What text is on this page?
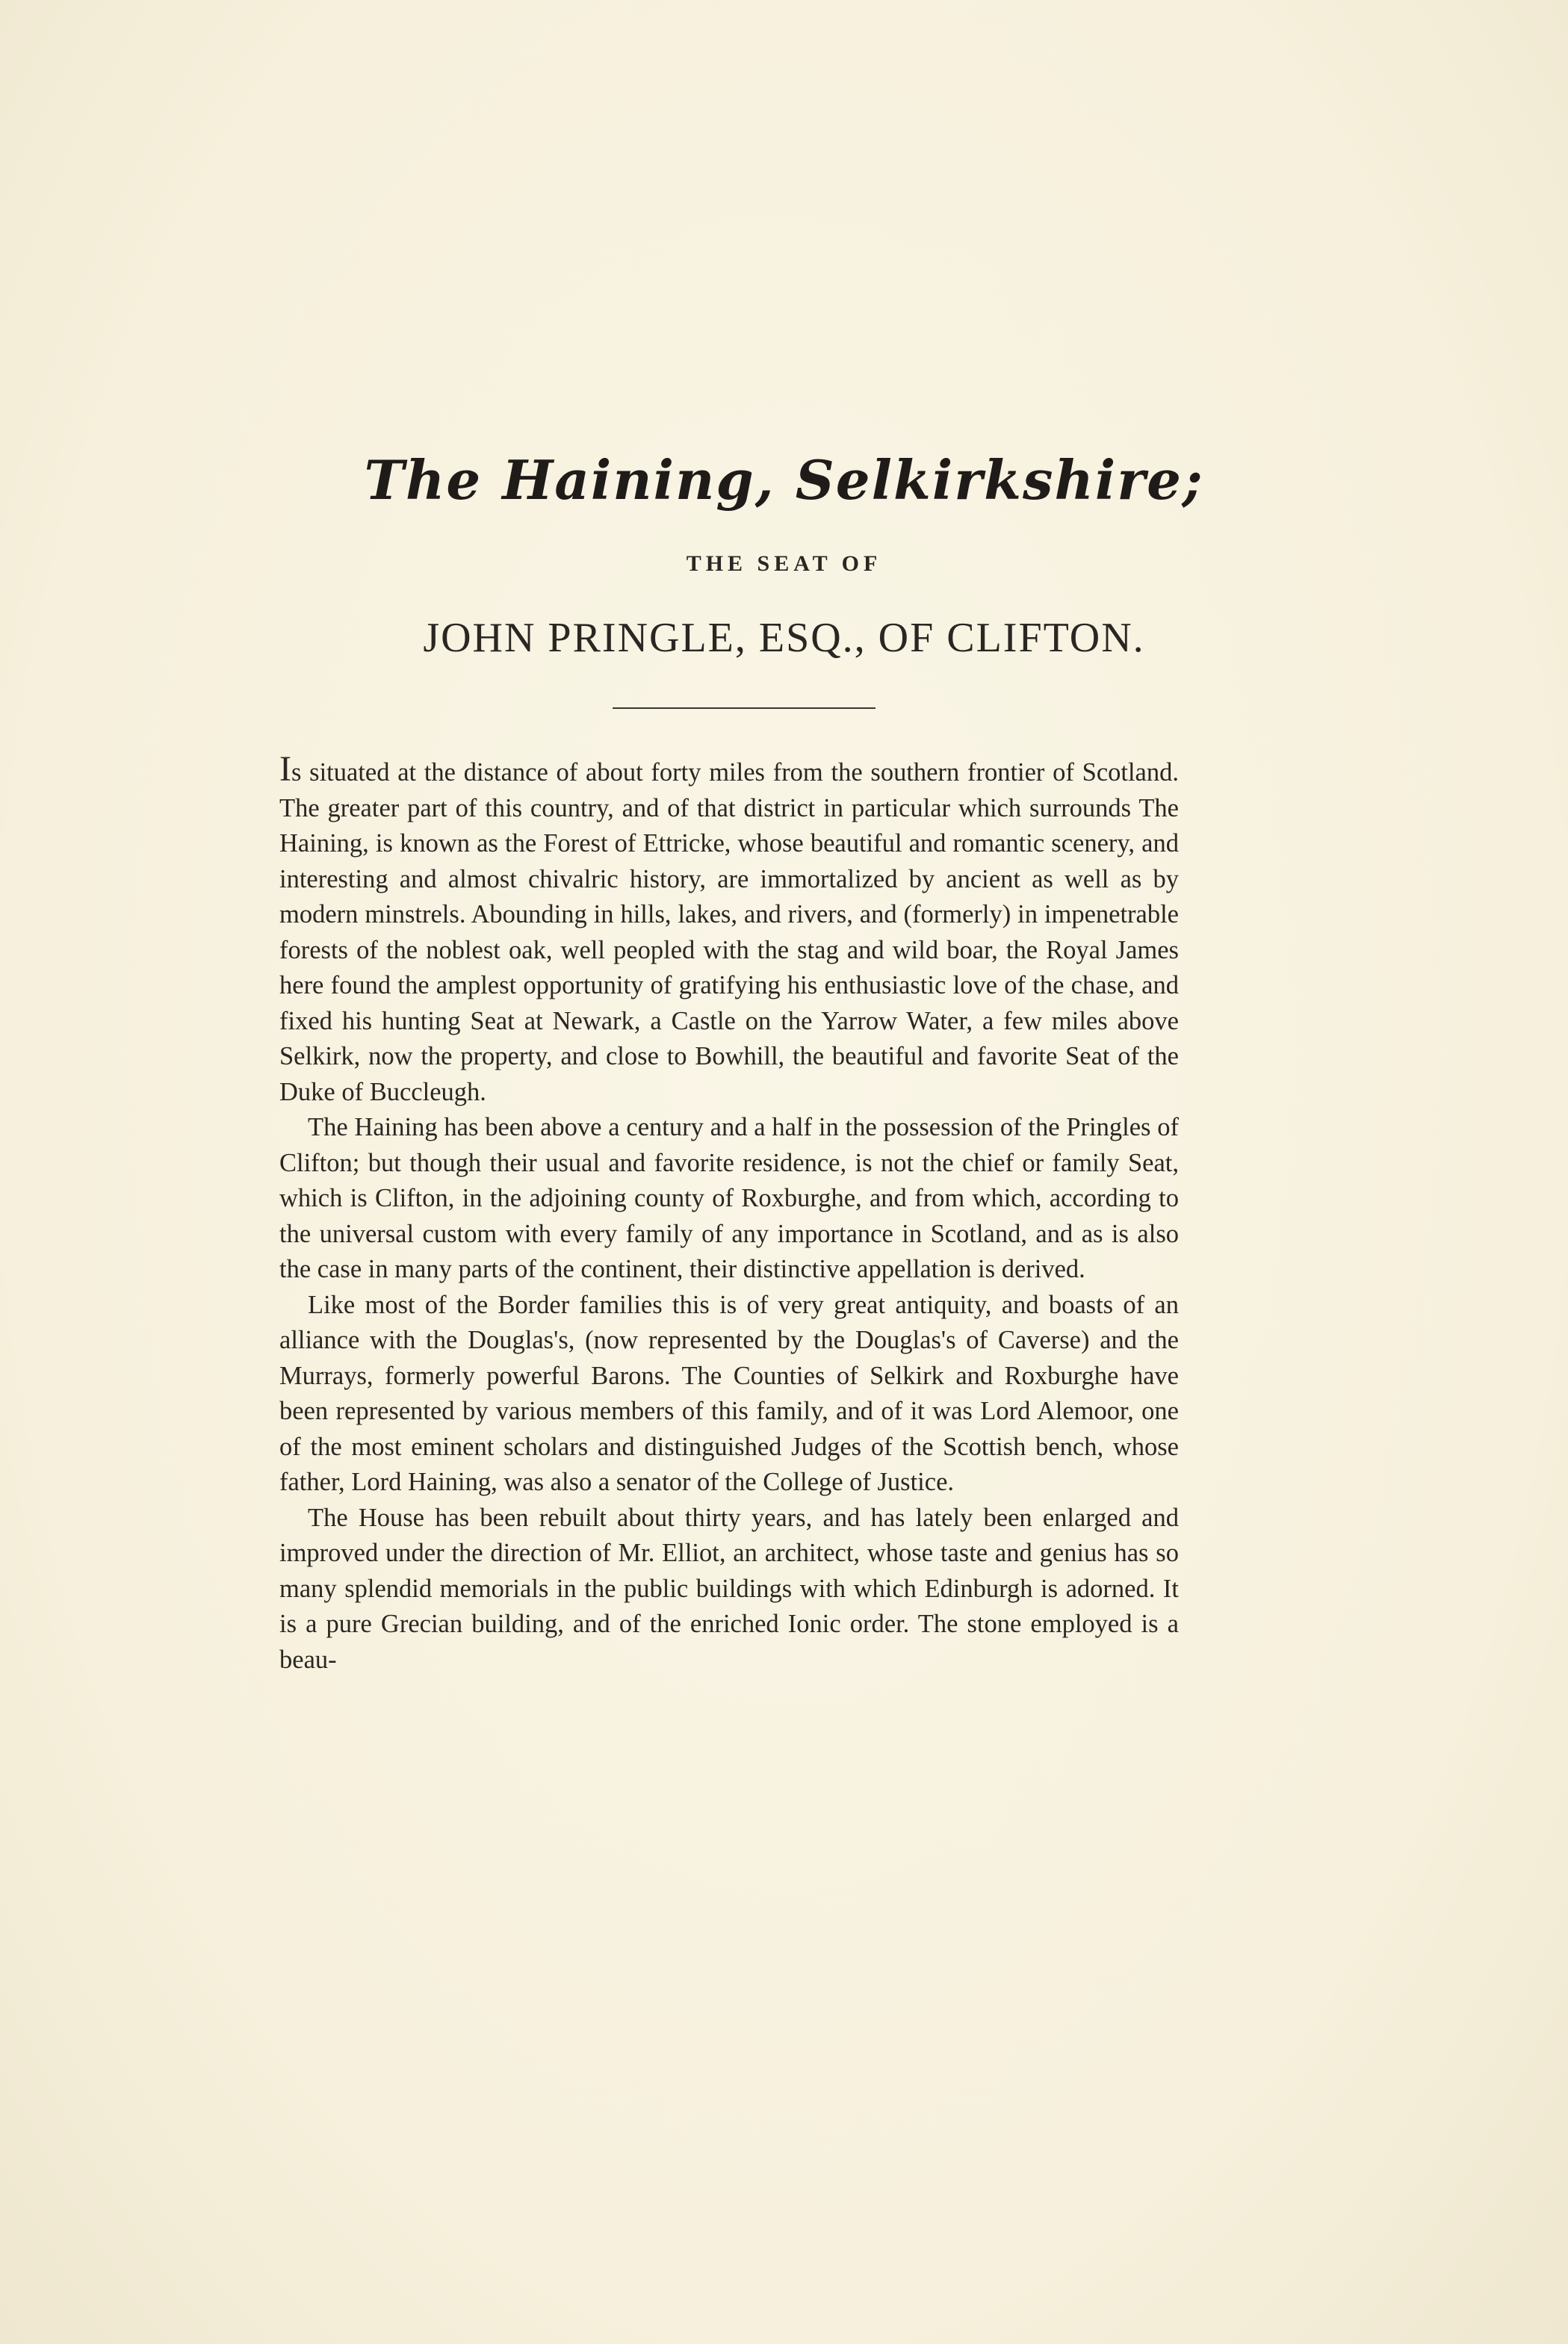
The Haining, Selkirkshire;
THE SEAT OF
JOHN PRINGLE, ESQ., OF CLIFTON.

Is situated at the distance of about forty miles from the southern frontier of Scotland. The greater part of this country, and of that district in particular which surrounds The Haining, is known as the Forest of Ettricke, whose beautiful and romantic scenery, and interesting and almost chivalric history, are immortalized by ancient as well as by modern minstrels. Abounding in hills, lakes, and rivers, and (formerly) in impenetrable forests of the noblest oak, well peopled with the stag and wild boar, the Royal James here found the amplest opportunity of gratifying his enthusiastic love of the chase, and fixed his hunting Seat at Newark, a Castle on the Yarrow Water, a few miles above Selkirk, now the property, and close to Bowhill, the beautiful and favorite Seat of the Duke of Buccleugh.

The Haining has been above a century and a half in the possession of the Pringles of Clifton; but though their usual and favorite residence, is not the chief or family Seat, which is Clifton, in the adjoining county of Roxburghe, and from which, according to the universal custom with every family of any importance in Scotland, and as is also the case in many parts of the continent, their distinctive appellation is derived.

Like most of the Border families this is of very great antiquity, and boasts of an alliance with the Douglas's, (now represented by the Douglas's of Caverse) and the Murrays, formerly powerful Barons. The Counties of Selkirk and Roxburghe have been represented by various members of this family, and of it was Lord Alemoor, one of the most eminent scholars and distinguished Judges of the Scottish bench, whose father, Lord Haining, was also a senator of the College of Justice.

The House has been rebuilt about thirty years, and has lately been enlarged and improved under the direction of Mr. Elliot, an architect, whose taste and genius has so many splendid memorials in the public buildings with which Edinburgh is adorned. It is a pure Grecian building, and of the enriched Ionic order. The stone employed is a beau-
